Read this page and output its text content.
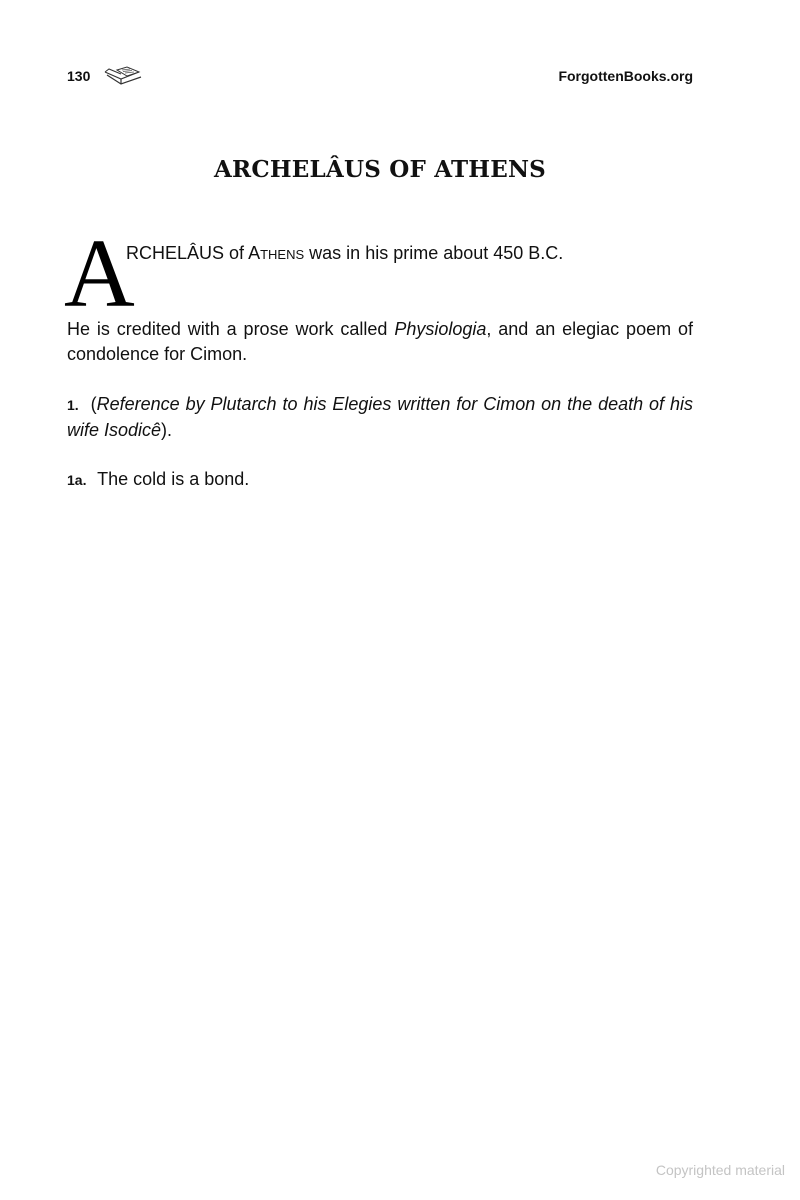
130	ForgottenBooks.org
ARCHELÂUS OF ATHENS
A
RCHELÂUS of ATHENS was in his prime about 450 B.C.
He is credited with a prose work called Physiologia, and an elegiac poem of condolence for Cimon.
1. (Reference by Plutarch to his Elegies written for Cimon on the death of his wife Isodicê).
1a. The cold is a bond.
Copyrighted material
